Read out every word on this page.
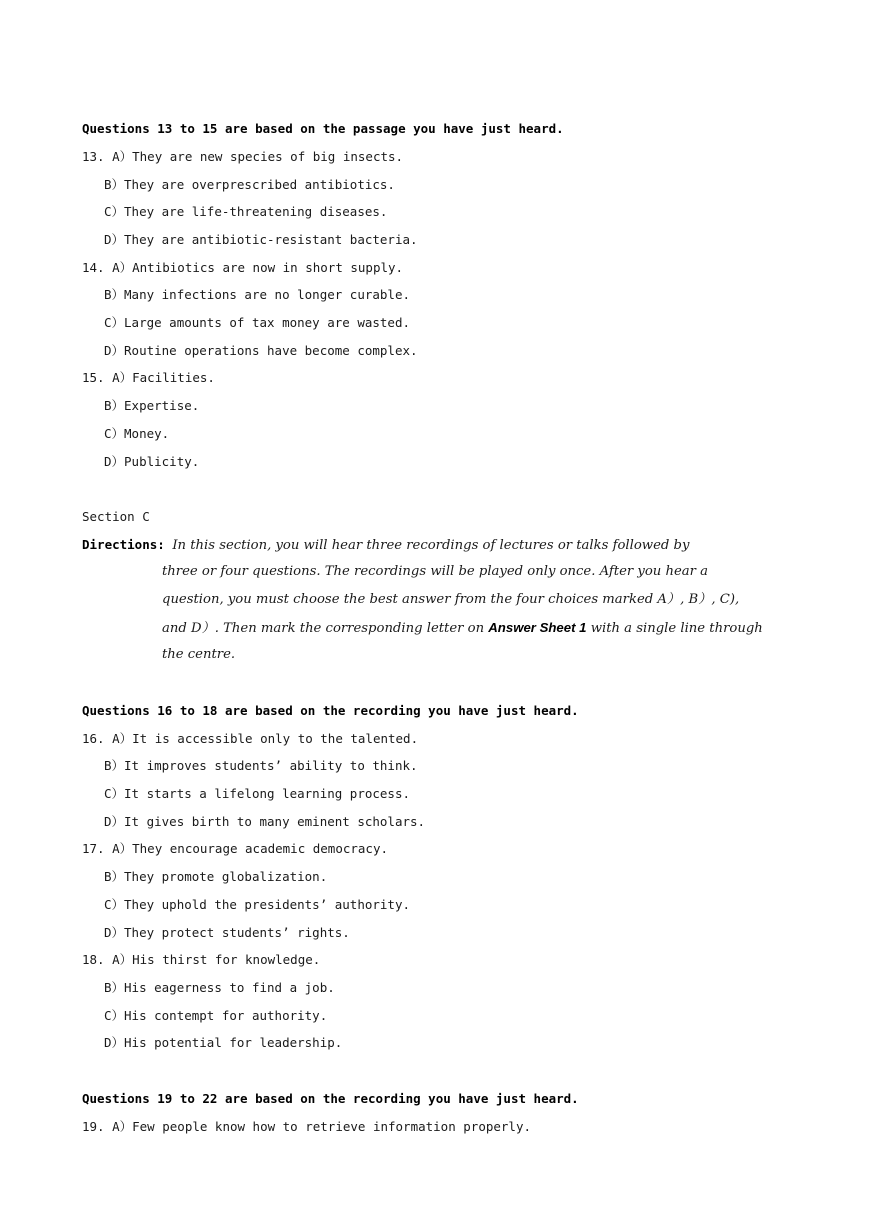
Questions 13 to 15 are based on the passage you have just heard.
13. A）They are new species of big insects.
B）They are overprescribed antibiotics.
C）They are life-threatening diseases.
D）They are antibiotic-resistant bacteria.
14. A）Antibiotics are now in short supply.
B）Many infections are no longer curable.
C）Large amounts of tax money are wasted.
D）Routine operations have become complex.
15. A）Facilities.
B）Expertise.
C）Money.
D）Publicity.
Section C
Directions: In this section, you will hear three recordings of lectures or talks followed by
three or four questions. The recordings will be played only once. After you hear a
question, you must choose the best answer from the four choices marked A）, B）, C),
and D）. Then mark the corresponding letter on Answer Sheet 1 with a single line through
the centre.
Questions 16 to 18 are based on the recording you have just heard.
16. A）It is accessible only to the talented.
B）It improves students’ ability to think.
C）It starts a lifelong learning process.
D）It gives birth to many eminent scholars.
17. A）They encourage academic democracy.
B）They promote globalization.
C）They uphold the presidents’ authority.
D）They protect students’ rights.
18. A）His thirst for knowledge.
B）His eagerness to find a job.
C）His contempt for authority.
D）His potential for leadership.
Questions 19 to 22 are based on the recording you have just heard.
19. A）Few people know how to retrieve information properly.
